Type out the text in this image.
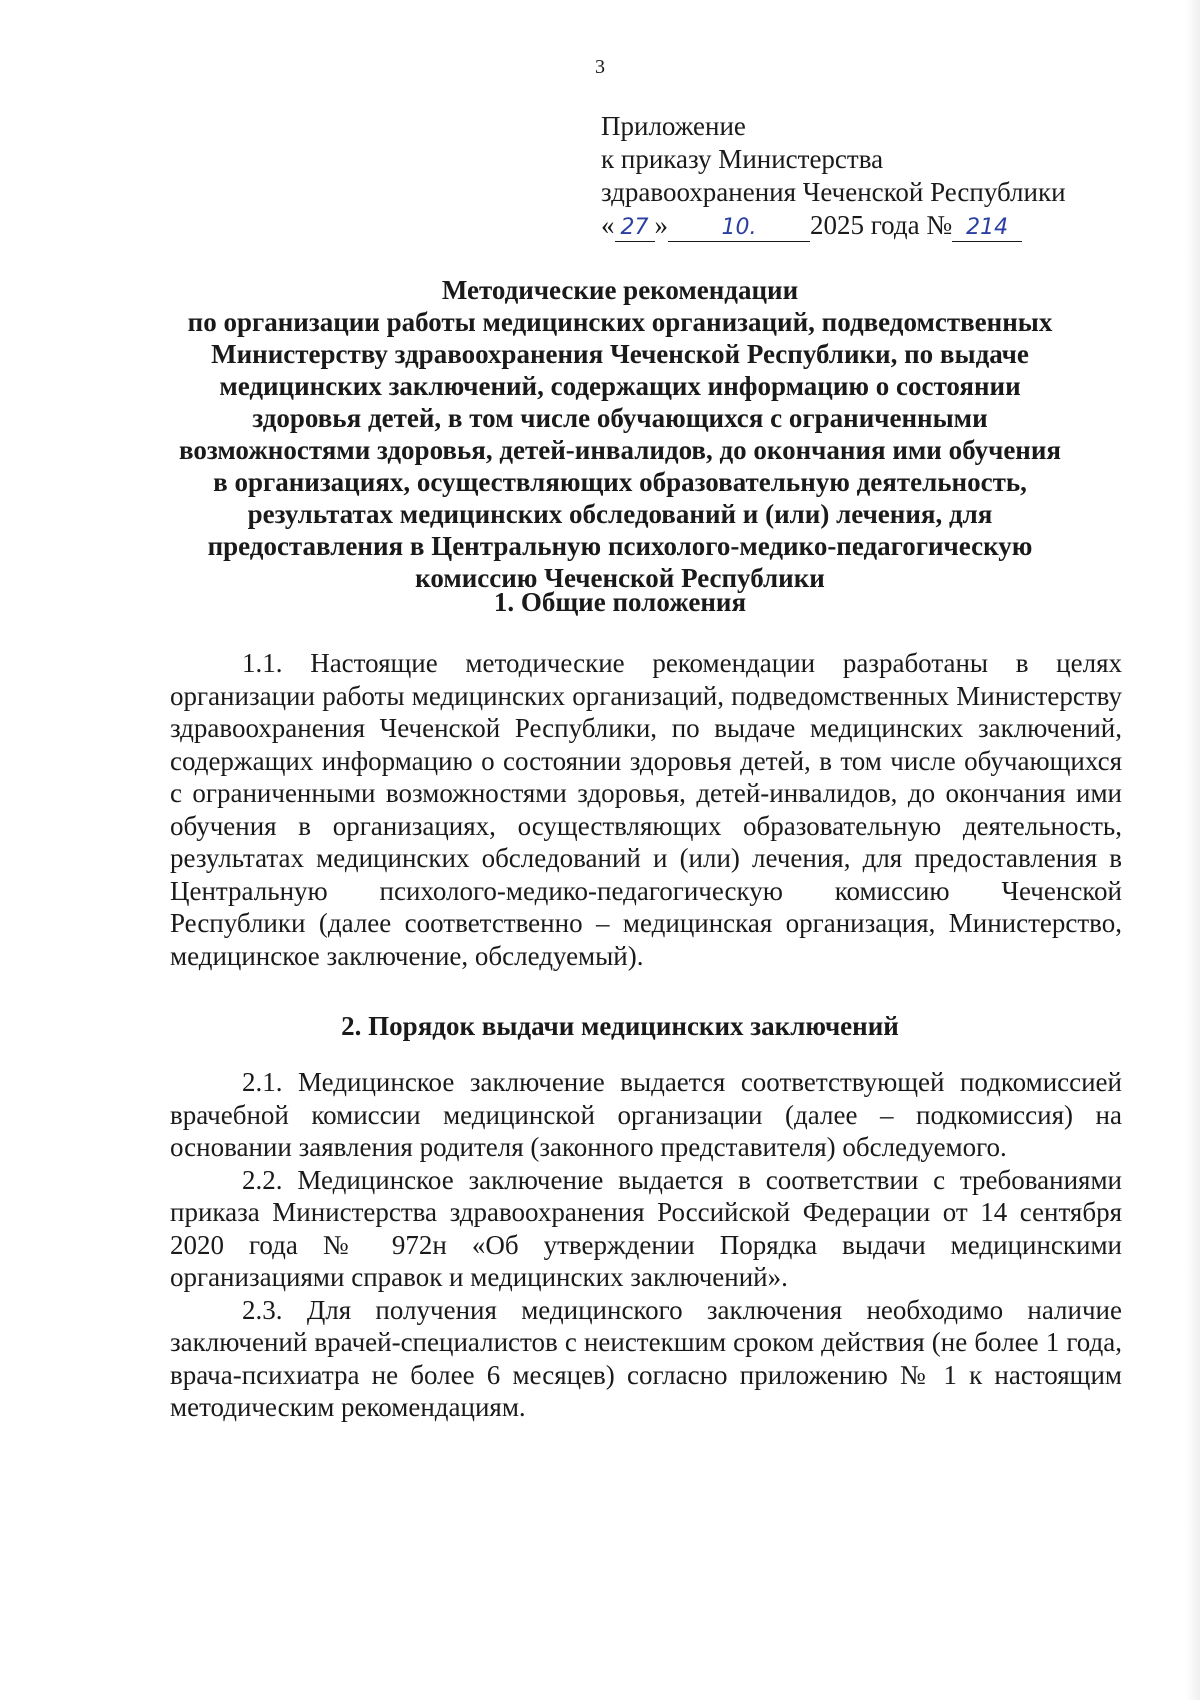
3
Приложение
к приказу Министерства
здравоохранения Чеченской Республики
« 27 » 10. 2025 года № 214
Методические рекомендации
по организации работы медицинских организаций, подведомственных
Министерству здравоохранения Чеченской Республики, по выдаче
медицинских заключений, содержащих информацию о состоянии
здоровья детей, в том числе обучающихся с ограниченными
возможностями здоровья, детей-инвалидов, до окончания ими обучения
в организациях, осуществляющих образовательную деятельность,
результатах медицинских обследований и (или) лечения, для
предоставления в Центральную психолого-медико-педагогическую
комиссию Чеченской Республики
1. Общие положения

1.1. Настоящие методические рекомендации разработаны в целях организации работы медицинских организаций, подведомственных Министерству здравоохранения Чеченской Республики, по выдаче медицинских заключений, содержащих информацию о состоянии здоровья детей, в том числе обучающихся с ограниченными возможностями здоровья, детей-инвалидов, до окончания ими обучения в организациях, осуществляющих образовательную деятельность, результатах медицинских обследований и (или) лечения, для предоставления в Центральную психолого-медико-педагогическую комиссию Чеченской Республики (далее соответственно – медицинская организация, Министерство, медицинское заключение, обследуемый).

2. Порядок выдачи медицинских заключений

2.1. Медицинское заключение выдается соответствующей подкомиссией врачебной комиссии медицинской организации (далее – подкомиссия) на основании заявления родителя (законного представителя) обследуемого.

2.2. Медицинское заключение выдается в соответствии с требованиями приказа Министерства здравоохранения Российской Федерации от 14 сентября 2020 года № 972н «Об утверждении Порядка выдачи медицинскими организациями справок и медицинских заключений».

2.3. Для получения медицинского заключения необходимо наличие заключений врачей-специалистов с неистекшим сроком действия (не более 1 года, врача-психиатра не более 6 месяцев) согласно приложению № 1 к настоящим методическим рекомендациям.
